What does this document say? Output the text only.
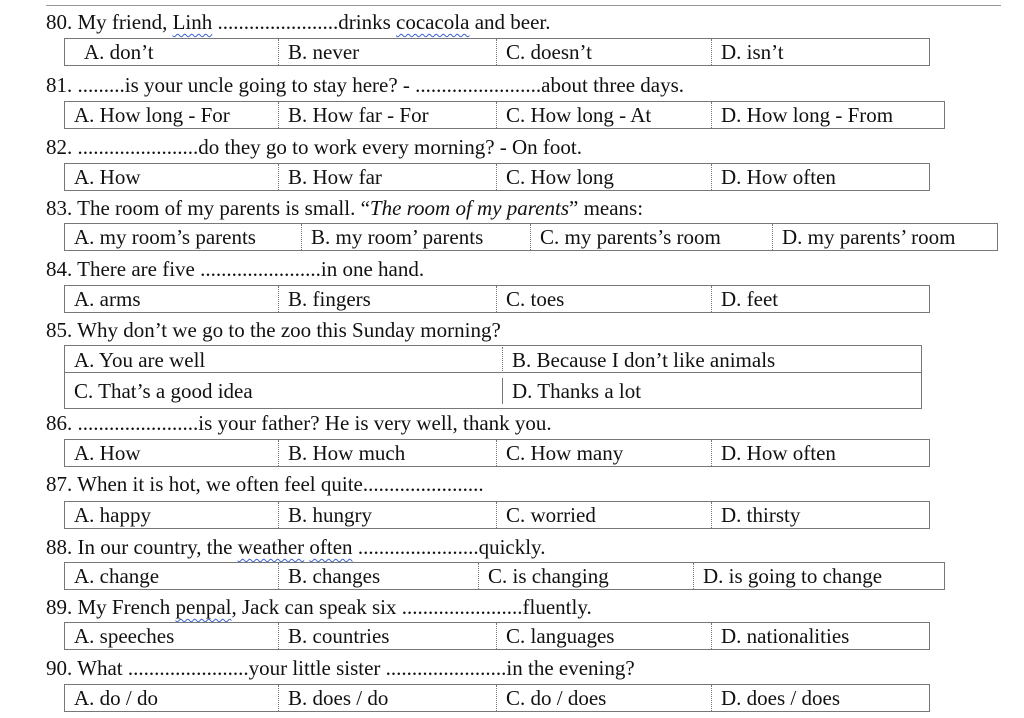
80. My friend, Linh .......................drinks cocacola and beer.
A. don’t	B. never	C. doesn’t	D. isn’t
81. .........is your uncle going to stay here? - ........................about three days.
A. How long - For	B. How far - For	C. How long - At	D. How long - From
82. .......................do they go to work every morning? - On foot.
A. How	B. How far	C. How long	D. How often
83. The room of my parents is small. “The room of my parents” means:
A. my room’s parents	B. my room’ parents	C. my parents’s room	D. my parents’ room
84. There are five .......................in one hand.
A. arms	B. fingers	C. toes	D. feet
85. Why don’t we go to the zoo this Sunday morning?
A. You are well	B. Because I don’t like animals
C. That’s a good idea	D. Thanks a lot
86. .......................is your father? He is very well, thank you.
A. How	B. How much	C. How many	D. How often
87. When it is hot, we often feel quite.......................
A. happy	B. hungry	C. worried	D. thirsty
88. In our country, the weather often .......................quickly.
A. change	B. changes	C. is changing	D. is going to change
89. My French penpal, Jack can speak six .......................fluently.
A. speeches	B. countries	C. languages	D. nationalities
90. What .......................your little sister .......................in the evening?
A. do / do	B. does / do	C. do / does	D. does / does
